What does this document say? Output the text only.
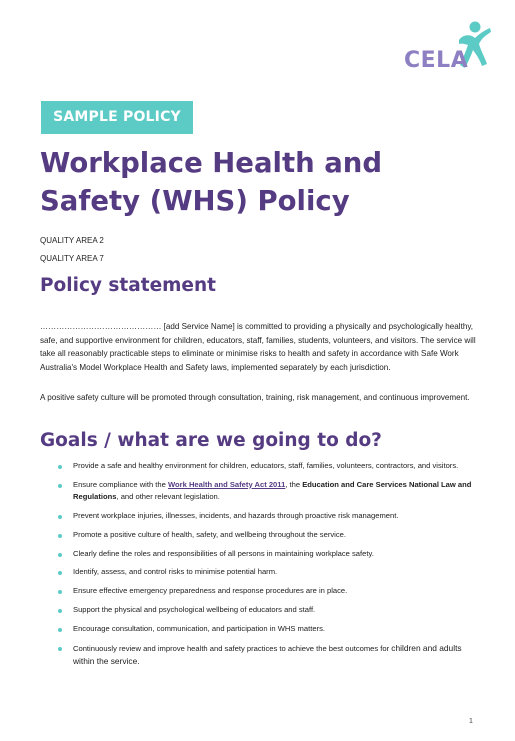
CELA
SAMPLE POLICY
Workplace Health and
Safety (WHS) Policy
QUALITY AREA 2
QUALITY AREA 7
Policy statement

……………………………………… [add Service Name] is committed to providing a physically and psychologically healthy, safe, and supportive environment for children, educators, staff, families, students, volunteers, and visitors. The service will take all reasonably practicable steps to eliminate or minimise risks to health and safety in accordance with Safe Work Australia's Model Workplace Health and Safety laws, implemented separately by each jurisdiction.

A positive safety culture will be promoted through consultation, training, risk management, and continuous improvement.

Goals / what are we going to do?
Provide a safe and healthy environment for children, educators, staff, families, volunteers, contractors, and visitors.
Ensure compliance with the Work Health and Safety Act 2011, the Education and Care Services National Law and Regulations, and other relevant legislation.
Prevent workplace injuries, illnesses, incidents, and hazards through proactive risk management.
Promote a positive culture of health, safety, and wellbeing throughout the service.
Clearly define the roles and responsibilities of all persons in maintaining workplace safety.
Identify, assess, and control risks to minimise potential harm.
Ensure effective emergency preparedness and response procedures are in place.
Support the physical and psychological wellbeing of educators and staff.
Encourage consultation, communication, and participation in WHS matters.
Continuously review and improve health and safety practices to achieve the best outcomes for children and adults within the service.
1
